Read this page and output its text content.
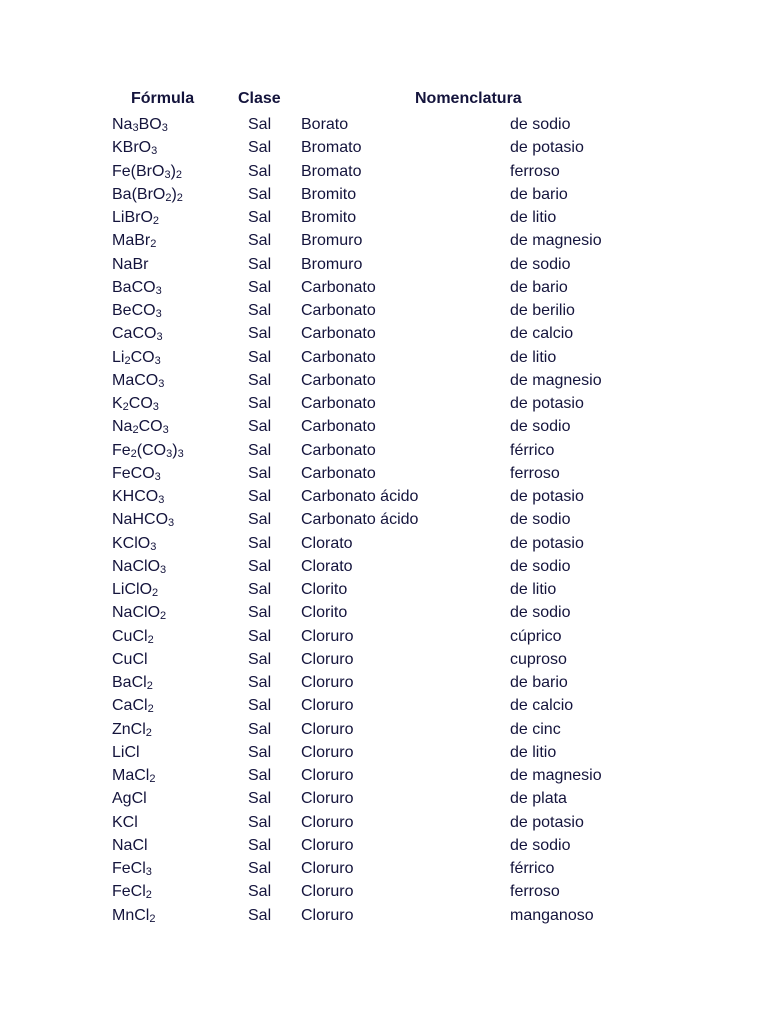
Fórmula	Clase	Nomenclatura
$Na_3BO_3$	Sal Borato	de sodio
KBrO$_3$	Sal Bromato	de potasio
$Fe(BrO_3)_2$	Sal Bromato	ferroso
$Ba(BrO_2)_2$	Sal Bromito	de bario
LiBrO$_2$	Sal Bromito	de litio
MaBr$_2$	Sal Bromuro	de magnesio
NaBr	Sal Bromuro	de sodio
BaCO$_3$	Sal Carbonato	de bario
BeCO$_3$	Sal Carbonato	de berilio
CaCO$_3$	Sal Carbonato	de calcio
$Li_2CO_3$	Sal Carbonato	de litio
MaCO$_3$	Sal Carbonato	de magnesio
$K_2CO_3$	Sal Carbonato	de potasio
$Na_2CO_3$	Sal Carbonato	de sodio
$Fe_2(CO_3)_3$	Sal Carbonato	férrico
FeCO$_3$	Sal Carbonato	ferroso
$KHCO_3$	Sal Carbonato ácido	de potasio
NaHCO$_3$	Sal Carbonato ácido	de sodio
KClO$_3$	Sal Clorato	de potasio
NaClO$_3$	Sal Clorato	de sodio
LiClO$_2$	Sal Clorito	de litio
NaClO$_2$	Sal Clorito	de sodio
CuCl$_2$	Sal Cloruro	cúprico
CuCl	Sal Cloruro	cuproso
BaCl$_2$	Sal Cloruro	de bario
CaCl$_2$	Sal Cloruro	de calcio
ZnCl$_2$	Sal Cloruro	de cinc
LiCl	Sal Cloruro	de litio
MaCl$_2$	Sal Cloruro	de magnesio
AgCl	Sal Cloruro	de plata
KCl	Sal Cloruro	de potasio
NaCl	Sal Cloruro	de sodio
FeCl$_3$	Sal Cloruro	férrico
FeCl$_2$	Sal Cloruro	ferroso
MnCl$_2$	Sal Cloruro	manganoso
